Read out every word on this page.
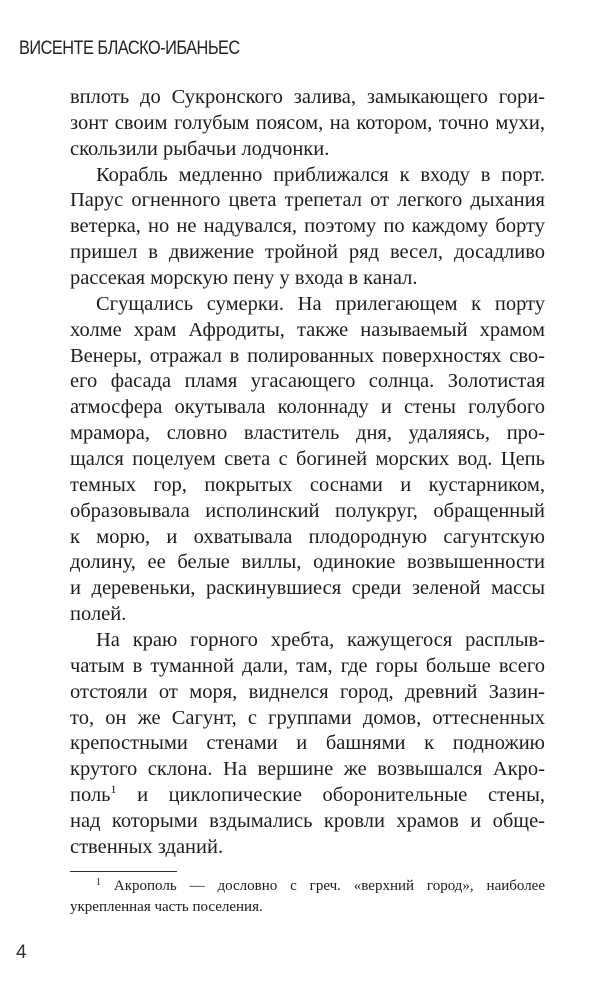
ВИСЕНТЕ БЛАСКО-ИБАНЬЕС
вплоть до Сукронского залива, замыкающего гори-
зонт своим голубым поясом, на котором, точно мухи,
скользили рыбачьи лодчонки.
Корабль медленно приближался к входу в порт.
Парус огненного цвета трепетал от легкого дыхания
ветерка, но не надувался, поэтому по каждому борту
пришел в движение тройной ряд весел, досадливо
рассекая морскую пену у входа в канал.
Сгущались сумерки. На прилегающем к порту
холме храм Афродиты, также называемый храмом
Венеры, отражал в полированных поверхностях сво-
его фасада пламя угасающего солнца. Золотистая
атмосфера окутывала колоннаду и стены голубого
мрамора, словно властитель дня, удаляясь, про-
щался поцелуем света с богиней морских вод. Цепь
темных гор, покрытых соснами и кустарником,
образовывала исполинский полукруг, обращенный
к морю, и охватывала плодородную сагунтскую
долину, ее белые виллы, одинокие возвышенности
и деревеньки, раскинувшиеся среди зеленой массы
полей.
На краю горного хребта, кажущегося расплыв-
чатым в туманной дали, там, где горы больше всего
отстояли от моря, виднелся город, древний Зазин-
то, он же Сагунт, с группами домов, оттесненных
крепостными стенами и башнями к подножию
крутого склона. На вершине же возвышался Акро-
поль$^1$ и циклопические оборонительные стены,
над которыми вздымались кровли храмов и обще-
ственных зданий.
$^1$ Акрополь — дословно с греч. «верхний город», наиболее
укрепленная часть поселения.
4
